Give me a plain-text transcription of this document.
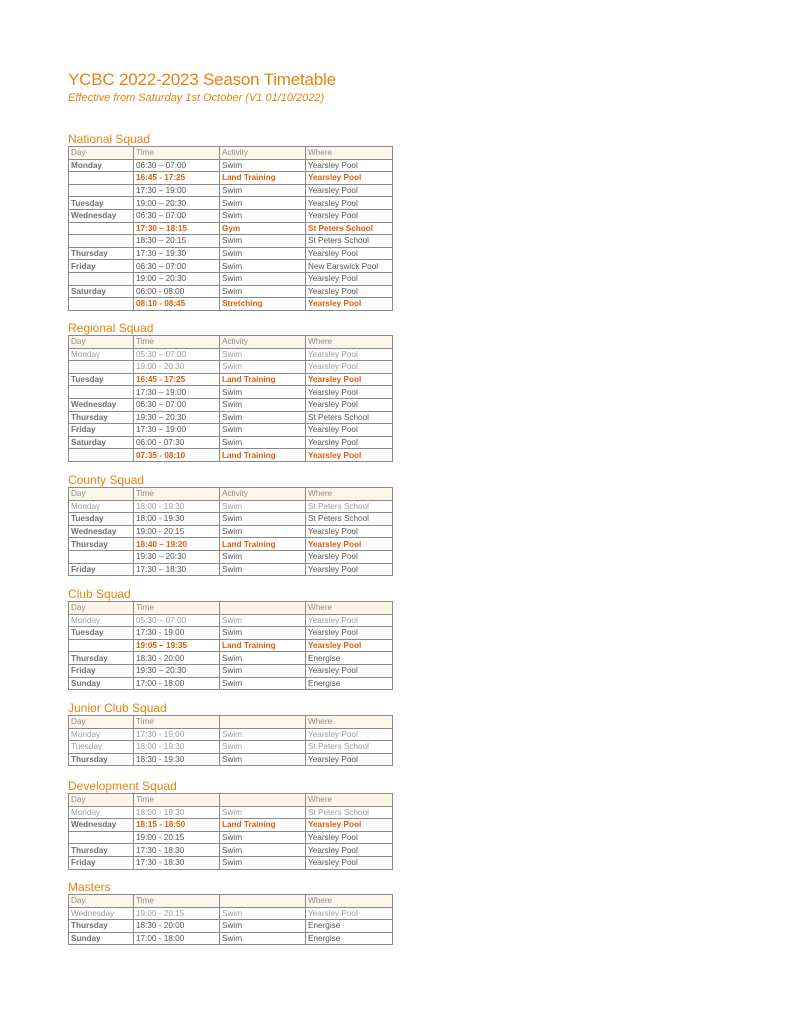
YCBC 2022-2023 Season Timetable
Effective from Saturday 1st October (V1 01/10/2022)
National Squad
Day	Time	Activity	Where
Monday	06:30 – 07:00	Swim	Yearsley Pool
	16:45 - 17:25	Land Training	Yearsley Pool
	17:30 – 19:00	Swim	Yearsley Pool
Tuesday	19:00 – 20:30	Swim	Yearsley Pool
Wednesday	06:30 – 07:00	Swim	Yearsley Pool
	17:30 – 18:15	Gym	St Peters School
	18:30 – 20:15	Swim	St Peters School
Thursday	17:30 – 19:30	Swim	Yearsley Pool
Friday	06:30 – 07:00	Swim	New Earswick Pool
	19:00 – 20:30	Swim	Yearsley Pool
Saturday	06:00 - 08:00	Swim	Yearsley Pool
	08:10 - 08:45	Stretching	Yearsley Pool
Regional Squad
Day	Time	Activity	Where
Monday	05:30 – 07:00	Swim	Yearsley Pool
	19:00 - 20:30	Swim	Yearsley Pool
Tuesday	16:45 - 17:25	Land Training	Yearsley Pool
	17:30 – 19:00	Swim	Yearsley Pool
Wednesday	06:30 – 07:00	Swim	Yearsley Pool
Thursday	19:30 – 20:30	Swim	St Peters School
Friday	17:30 – 19:00	Swim	Yearsley Pool
Saturday	06:00 - 07:30	Swim	Yearsley Pool
	07:35 - 08:10	Land Training	Yearsley Pool
County Squad
Day	Time	Activity	Where
Monday	18:00 - 19:30	Swim	St Peters School
Tuesday	18:00 - 19:30	Swim	St Peters School
Wednesday	19:00 - 20:15	Swim	Yearsley Pool
Thursday	18:40 – 19:20	Land Training	Yearsley Pool
	19:30 – 20:30	Swim	Yearsley Pool
Friday	17:30 – 18:30	Swim	Yearsley Pool
Club Squad
Day	Time		Where
Monday	05:30 – 07:00	Swim	Yearsley Pool
Tuesday	17:30 - 19:00	Swim	Yearsley Pool
	19:05 – 19:35	Land Training	Yearsley Pool
Thursday	18:30 - 20:00	Swim	Energise
Friday	19:30 – 20:30	Swim	Yearsley Pool
Sunday	17:00 - 18:00	Swim	Energise
Junior Club Squad
Day	Time		Where
Monday	17:30 - 19:00	Swim	Yearsley Pool
Tuesday	18:00 - 19:30	Swim	St Peters School
Thursday	18:30 - 19:30	Swim	Yearsley Pool
Development Squad
Day	Time		Where
Monday	18:00 - 19:30	Swim	St Peters School
Wednesday	18:15 - 18:50	Land Training	Yearsley Pool
	19:00 - 20:15	Swim	Yearsley Pool
Thursday	17:30 - 18:30	Swim	Yearsley Pool
Friday	17:30 - 18:30	Swim	Yearsley Pool
Masters
Day	Time		Where
Wednesday	19:00 - 20:15	Swim	Yearsley Pool
Thursday	18:30 - 20:00	Swim	Energise
Sunday	17:00 - 18:00	Swim	Energise
